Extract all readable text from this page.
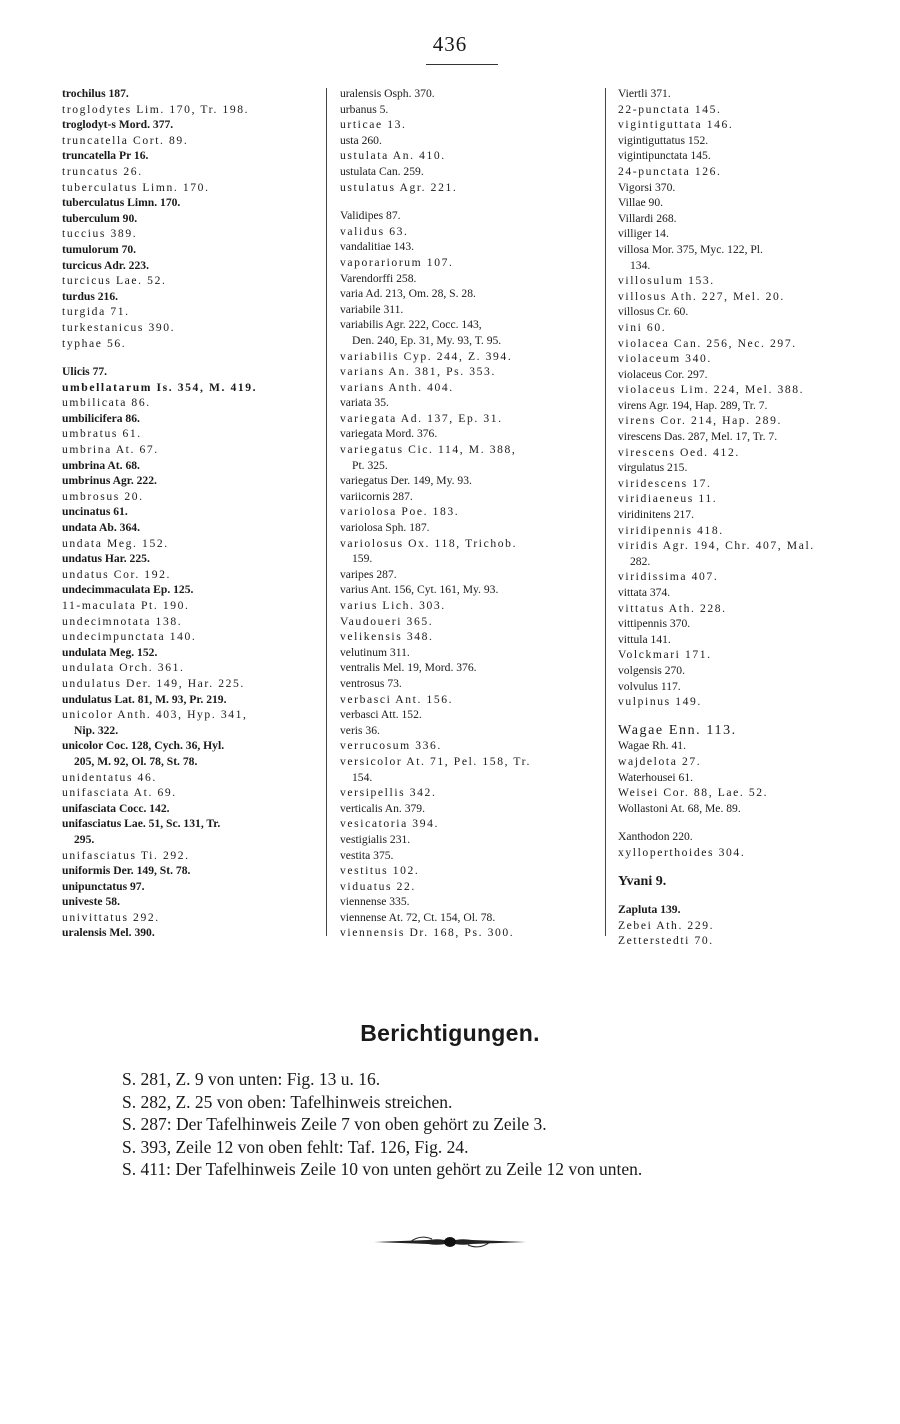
436
trochilus 187.
troglodytes Lim. 170, Tr. 198.
troglodyt-s Mord. 377.
truncatella Cort. 89.
truncatella Pr 16.
truncatus 26.
tuberculatus Limn. 170.
tuberculatus Limn. 170.
tuberculum 90.
tuccius 389.
tumulorum 70.
turcicus Adr. 223.
turcicus Lae. 52.
turdus 216.
turgida 71.
turkestanicus 390.
typhae 56.
Ulicis 77.
umbellatarum Is. 354, M. 419.
umbilicata 86.
umbilicifera 86.
umbratus 61.
umbrina At. 67.
umbrina At. 68.
umbrinus Agr. 222.
umbrosus 20.
uncinatus 61.
undata Ab. 364.
undata Meg. 152.
undatus Har. 225.
undatus Cor. 192.
undecimmaculata Ep. 125.
11-maculata Pt. 190.
undecimnotata 138.
undecimpunctata 140.
undulata Meg. 152.
undulata Orch. 361.
undulatus Der. 149, Har. 225.
undulatus Lat. 81, M. 93, Pr. 219.
unicolor Anth. 403, Hyp. 341,
Nip. 322.
unicolor Coc. 128, Cych. 36, Hyl.
205, M. 92, Ol. 78, St. 78.
unidentatus 46.
unifasciata At. 69.
unifasciata Cocc. 142.
unifasciatus Lae. 51, Sc. 131, Tr.
295.
unifasciatus Ti. 292.
uniformis Der. 149, St. 78.
unipunctatus 97.
univeste 58.
univittatus 292.
uralensis Mel. 390.
uralensis Osph. 370.
urbanus 5.
urticae 13.
usta 260.
ustulata An. 410.
ustulata Can. 259.
ustulatus Agr. 221.
Validipes 87.
validus 63.
vandalitiae 143.
vaporariorum 107.
Varendorffi 258.
varia Ad. 213, Om. 28, S. 28.
variabile 311.
variabilis Agr. 222, Cocc. 143,
Den. 240, Ep. 31, My. 93, T. 95.
variabilis Cyp. 244, Z. 394.
varians An. 381, Ps. 353.
varians Anth. 404.
variata 35.
variegata Ad. 137, Ep. 31.
variegata Mord. 376.
variegatus Cic. 114, M. 388,
Pt. 325.
variegatus Der. 149, My. 93.
variicornis 287.
variolosa Poe. 183.
variolosa Sph. 187.
variolosus Ox. 118, Trichob.
159.
varipes 287.
varius Ant. 156, Cyt. 161, My. 93.
varius Lich. 303.
Vaudoueri 365.
velikensis 348.
velutinum 311.
ventralis Mel. 19, Mord. 376.
ventrosus 73.
verbasci Ant. 156.
verbasci Att. 152.
veris 36.
verrucosum 336.
versicolor At. 71, Pel. 158, Tr.
154.
versipellis 342.
verticalis An. 379.
vesicatoria 394.
vestigialis 231.
vestita 375.
vestitus 102.
viduatus 22.
viennense 335.
viennense At. 72, Ct. 154, Ol. 78.
viennensis Dr. 168, Ps. 300.
Viertli 371.
22-punctata 145.
vigintiguttata 146.
vigintiguttatus 152.
vigintipunctata 145.
24-punctata 126.
Vigorsi 370.
Villae 90.
Villardi 268.
villiger 14.
villosa Mor. 375, Myc. 122, Pl.
134.
villosulum 153.
villosus Ath. 227, Mel. 20.
villosus Cr. 60.
vini 60.
violacea Can. 256, Nec. 297.
violaceum 340.
violaceus Cor. 297.
violaceus Lim. 224, Mel. 388.
virens Agr. 194, Hap. 289, Tr. 7.
virens Cor. 214, Hap. 289.
virescens Das. 287, Mel. 17, Tr. 7.
virescens Oed. 412.
virgulatus 215.
viridescens 17.
viridiaeneus 11.
viridinitens 217.
viridipennis 418.
viridis Agr. 194, Chr. 407, Mal.
282.
viridissima 407.
vittata 374.
vittatus Ath. 228.
vittipennis 370.
vittula 141.
Volckmari 171.
volgensis 270.
volvulus 117.
vulpinus 149.
Wagae Enn. 113.
Wagae Rh. 41.
wajdelota 27.
Waterhousei 61.
Weisei Cor. 88, Lae. 52.
Wollastoni At. 68, Me. 89.
Xanthodon 220.
xylloperthoides 304.
Yvani 9.
Zapluta 139.
Zebei Ath. 229.
Zetterstedti 70.
Berichtigungen.
S. 281, Z. 9 von unten: Fig. 13 u. 16.
S. 282, Z. 25 von oben: Tafelhinweis streichen.
S. 287: Der Tafelhinweis Zeile 7 von oben gehört zu Zeile 3.
S. 393, Zeile 12 von oben fehlt: Taf. 126, Fig. 24.
S. 411: Der Tafelhinweis Zeile 10 von unten gehört zu Zeile 12 von unten.
